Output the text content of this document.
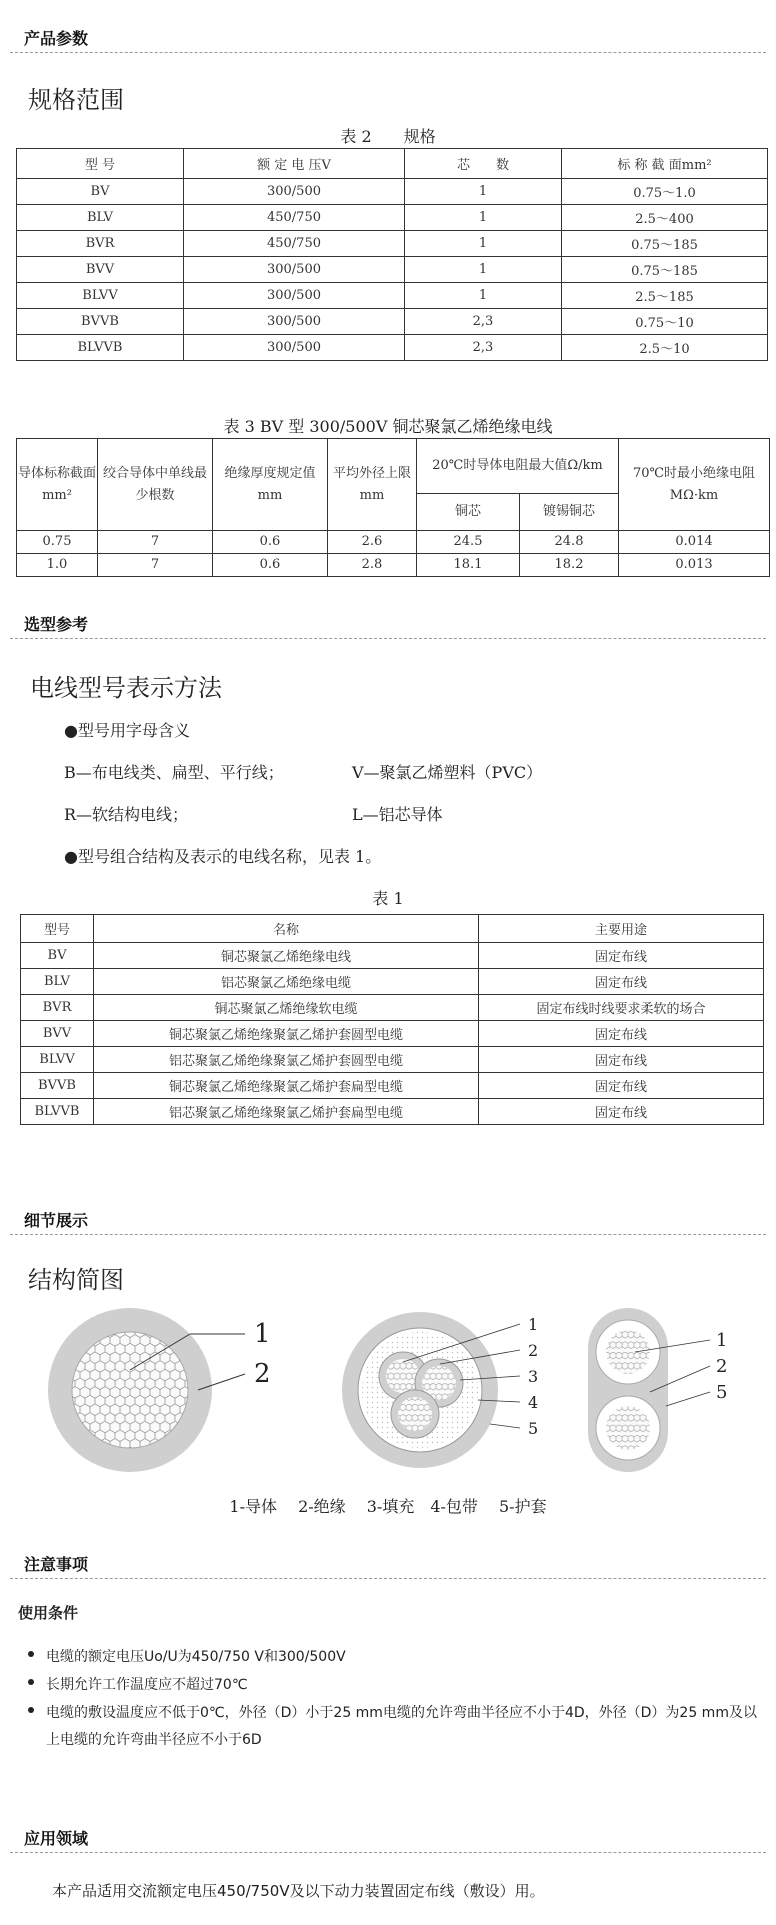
产品参数
规格范围
表 2　　规格
型 号	额 定 电 压V	芯　　数	标 称 截 面mm²
BV	300/500	1	0.75～1.0
BLV	450/750	1	2.5～400
BVR	450/750	1	0.75～185
BVV	300/500	1	0.75～185
BLVV	300/500	1	2.5～185
BVVB	300/500	2,3	0.75～10
BLVVB	300/500	2,3	2.5～10
表 3 BV 型 300/500V 铜芯聚氯乙烯绝缘电线
导体标称截面mm²	绞合导体中单线最少根数	绝缘厚度规定值mm	平均外径上限mm	20℃时导体电阻最大值Ω/km		70℃时最小绝缘电阻 MΩ·km
				铜芯	镀锡铜芯	
0.75	7	0.6	2.6	24.5	24.8	0.014
1.0	7	0.6	2.8	18.1	18.2	0.013
选型参考
电线型号表示方法
●型号用字母含义
B—布电线类、扁型、平行线；	V—聚氯乙烯塑料（PVC）
R—软结构电线；	L—铝芯导体
●型号组合结构及表示的电线名称，见表 1。
表 1
型号	名称	主要用途
BV	铜芯聚氯乙烯绝缘电线	固定布线
BLV	铝芯聚氯乙烯绝缘电缆	固定布线
BVR	铜芯聚氯乙烯绝缘软电缆	固定布线时线要求柔软的场合
BVV	铜芯聚氯乙烯绝缘聚氯乙烯护套圆型电缆	固定布线
BLVV	铝芯聚氯乙烯绝缘聚氯乙烯护套圆型电缆	固定布线
BVVB	铜芯聚氯乙烯绝缘聚氯乙烯护套扁型电缆	固定布线
BLVVB	铝芯聚氯乙烯绝缘聚氯乙烯护套扁型电缆	固定布线
细节展示
结构简图
1
2
1
2
3
4
5
1
2
5
1-导体　 2-绝缘　 3-填充　4-包带　 5-护套
注意事项
使用条件
电缆的额定电压Uo/U为450/750 V和300/500V
长期允许工作温度应不超过70℃
电缆的敷设温度应不低于0℃，外径（D）小于25 mm电缆的允许弯曲半径应不小于4D，外径（D）为25 mm及以上电缆的允许弯曲半径应不小于6D
应用领域
本产品适用交流额定电压450/750V及以下动力装置固定布线（敷设）用。
